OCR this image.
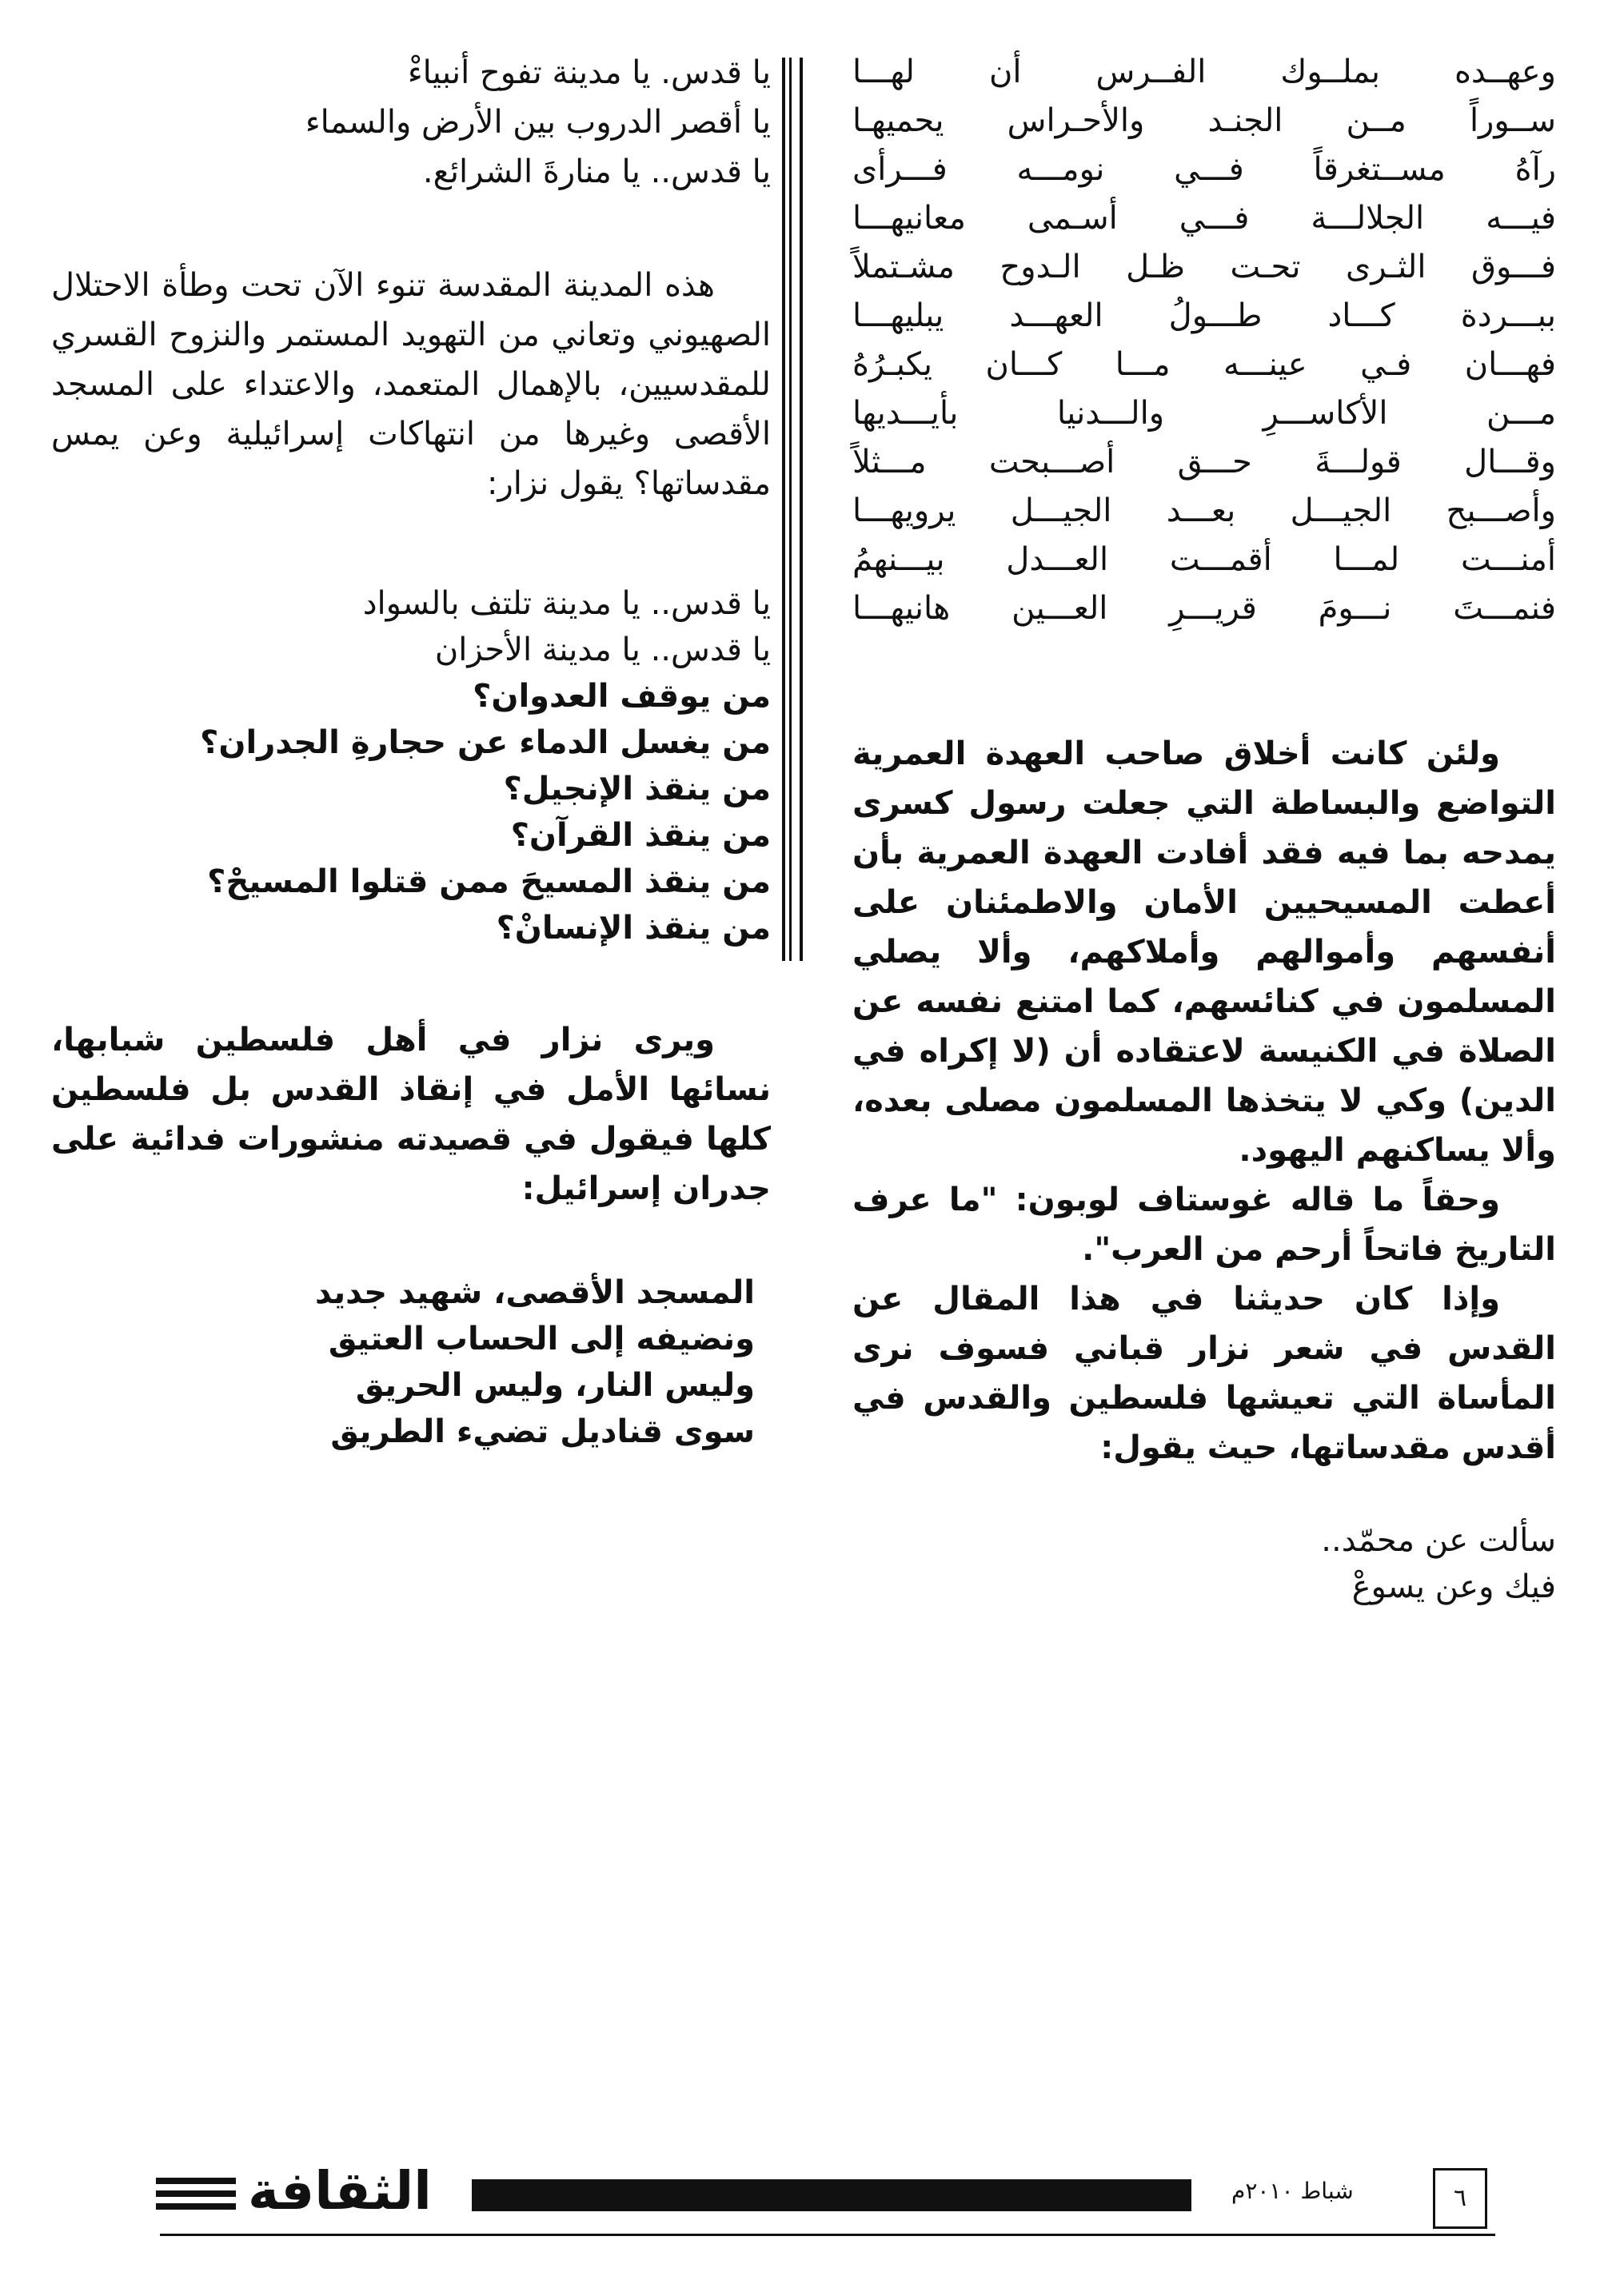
وعهــده بملــوك الفــرس أن لهـــا
ســوراً مــن الجنـد والأحـراس يحميهـا
رآهُ مســتغرقاً فـــي نومـــه فـــرأى
فيـــه الجلالـــة فـــي أسـمى معانيهـــا
فـــوق الثـرى تحـت ظـل الـدوح مشـتملاً
ببـــردة كـــاد طـــولُ العهـــد يبليهـــا
فهـــان فـي عينـــه مـــا كـــان يكبـرُهُ
مـــن الأكاســـرِ والـــدنيا بأيـــديها
وقـــال قولـــةَ حـــق أصـــبحت مـــثلاً
وأصـــبح الجيـــل بعـــد الجيـــل يرويهـــا
أمنـــت لمـــا أقمـــت العـــدل بيـــنهمُ
فنمـــتَ نـــومَ قريـــرِ العـــين هانيهـــا

ولئن كانت أخلاق صاحب العهدة العمرية التواضع والبساطة التي جعلت رسول كسرى يمدحه بما فيه فقد أفادت العهدة العمرية بأن أعطت المسيحيين الأمان والاطمئنان على أنفسهم وأموالهم وأملاكهم، وألا يصلي المسلمون في كنائسهم، كما امتنع نفسه عن الصلاة في الكنيسة لاعتقاده أن (لا إكراه في الدين) وكي لا يتخذها المسلمون مصلى بعده، وألا يساكنهم اليهود.

وحقاً ما قاله غوستاف لوبون: "ما عرف التاريخ فاتحاً أرحم من العرب".

وإذا كان حديثنا في هذا المقال عن القدس في شعر نزار قباني فسوف نرى المأساة التي تعيشها فلسطين والقدس في أقدس مقدساتها، حيث يقول:

سألت عن محمّد..
فيك وعن يسوعْ
يا قدس. يا مدينة تفوح أنبياءْ
يا أقصر الدروب بين الأرض والسماء
يا قدس.. يا منارةَ الشرائع.

هذه المدينة المقدسة تنوء الآن تحت وطأة الاحتلال الصهيوني وتعاني من التهويد المستمر والنزوح القسري للمقدسيين، بالإهمال المتعمد، والاعتداء على المسجد الأقصى وغيرها من انتهاكات إسرائيلية وعن يمس مقدساتها؟ يقول نزار:

يا قدس.. يا مدينة تلتف بالسواد
يا قدس.. يا مدينة الأحزان
من يوقف العدوان؟
من يغسل الدماء عن حجارةِ الجدران؟
من ينقذ الإنجيل؟
من ينقذ القرآن؟
من ينقذ المسيحَ ممن قتلوا المسيحْ؟
من ينقذ الإنسانْ؟

ويرى نزار في أهل فلسطين شبابها، نسائها الأمل في إنقاذ القدس بل فلسطين كلها فيقول في قصيدته منشورات فدائية على جدران إسرائيل:

المسجد الأقصى، شهيد جديد
ونضيفه إلى الحساب العتيق
وليس النار، وليس الحريق
سوى قناديل تضيء الطريق
الثقافة	شباط ٢٠١٠م	٦
